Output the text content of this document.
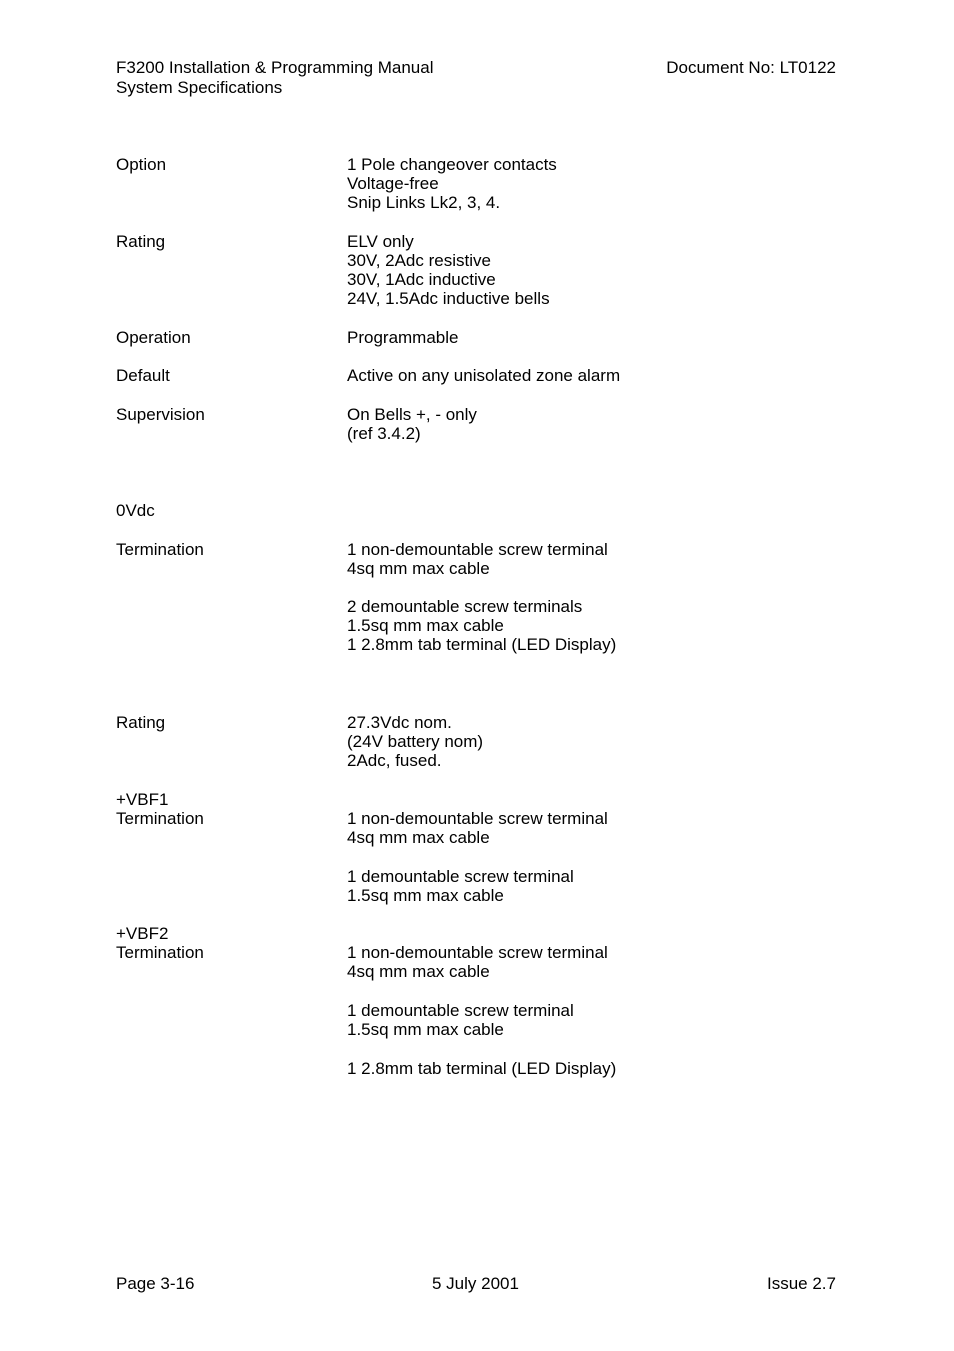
F3200 Installation & Programming Manual
System Specifications
Document No: LT0122
Option	1 Pole changeover contacts
Voltage-free
Snip Links Lk2, 3, 4.
Rating	ELV only
30V, 2Adc resistive
30V, 1Adc inductive
24V, 1.5Adc inductive bells
Operation	Programmable
Default	Active on any unisolated zone alarm
Supervision	On Bells +, - only
(ref 3.4.2)
0Vdc
Termination	1 non-demountable screw terminal
4sq mm max cable
2 demountable screw terminals
1.5sq mm max cable
1 2.8mm tab terminal (LED Display)
Rating	27.3Vdc nom.
(24V battery nom)
2Adc, fused.
+VBF1
Termination	1 non-demountable screw terminal
4sq mm max cable
1 demountable screw terminal
1.5sq mm max cable
+VBF2
Termination	1 non-demountable screw terminal
4sq mm max cable
1 demountable screw terminal
1.5sq mm max cable
1 2.8mm tab terminal (LED Display)
Page 3-16	5 July 2001	Issue 2.7
